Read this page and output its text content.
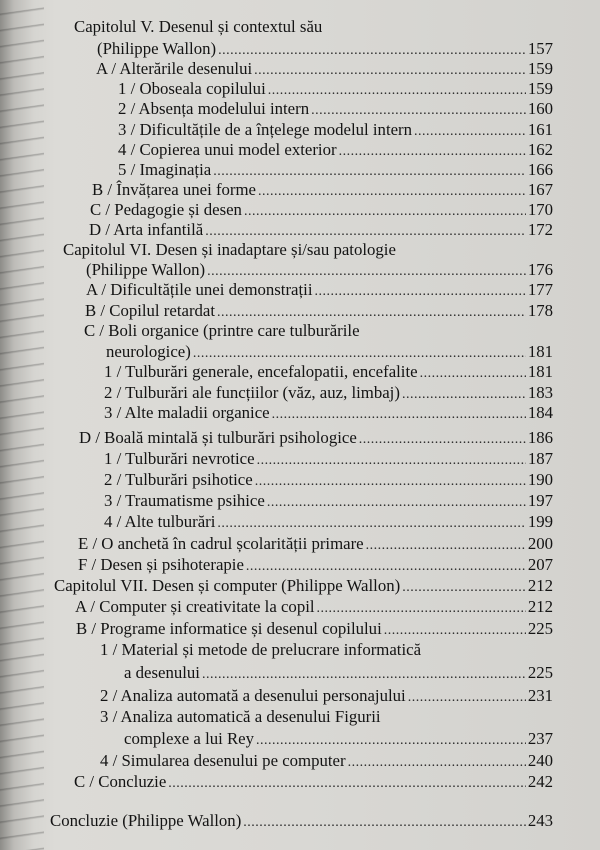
Capitolul V. Desenul și contextul său
(Philippe Wallon) .....	157
A / Alterările desenului .....	159
1 / Oboseala copilului .....	159
2 / Absența modelului intern .....	160
3 / Dificultățile de a înțelege modelul intern .....	161
4 / Copierea unui model exterior .....	162
5 / Imaginația .....	166
B / Învățarea unei forme .....	167
C / Pedagogie și desen .....	170
D / Arta infantilă .....	172
Capitolul VI. Desen și inadaptare și/sau patologie
(Philippe Wallon) .....	176
A / Dificultățile unei demonstrații .....	177
B / Copilul retardat .....	178
C / Boli organice (printre care tulburările
neurologice) .....	181
1 / Tulburări generale, encefalopatii, encefalite .....	181
2 / Tulburări ale funcțiilor (văz, auz, limbaj) .....	183
3 / Alte maladii organice .....	184
D / Boală mintală și tulburări psihologice .....	186
1 / Tulburări nevrotice .....	187
2 / Tulburări psihotice .....	190
3 / Traumatisme psihice .....	197
4 / Alte tulburări .....	199
E / O anchetă în cadrul școlarității primare .....	200
F / Desen și psihoterapie .....	207
Capitolul VII. Desen și computer (Philippe Wallon) .....	212
A / Computer și creativitate la copil .....	212
B / Programe informatice și desenul copilului .....	225
1 / Material și metode de prelucrare informatică
a desenului .....	225
2 / Analiza automată a desenului personajului .....	231
3 / Analiza automatică a desenului Figurii
complexe a lui Rey .....	237
4 / Simularea desenului pe computer .....	240
C / Concluzie .....	242
Concluzie (Philippe Wallon) .....	243
